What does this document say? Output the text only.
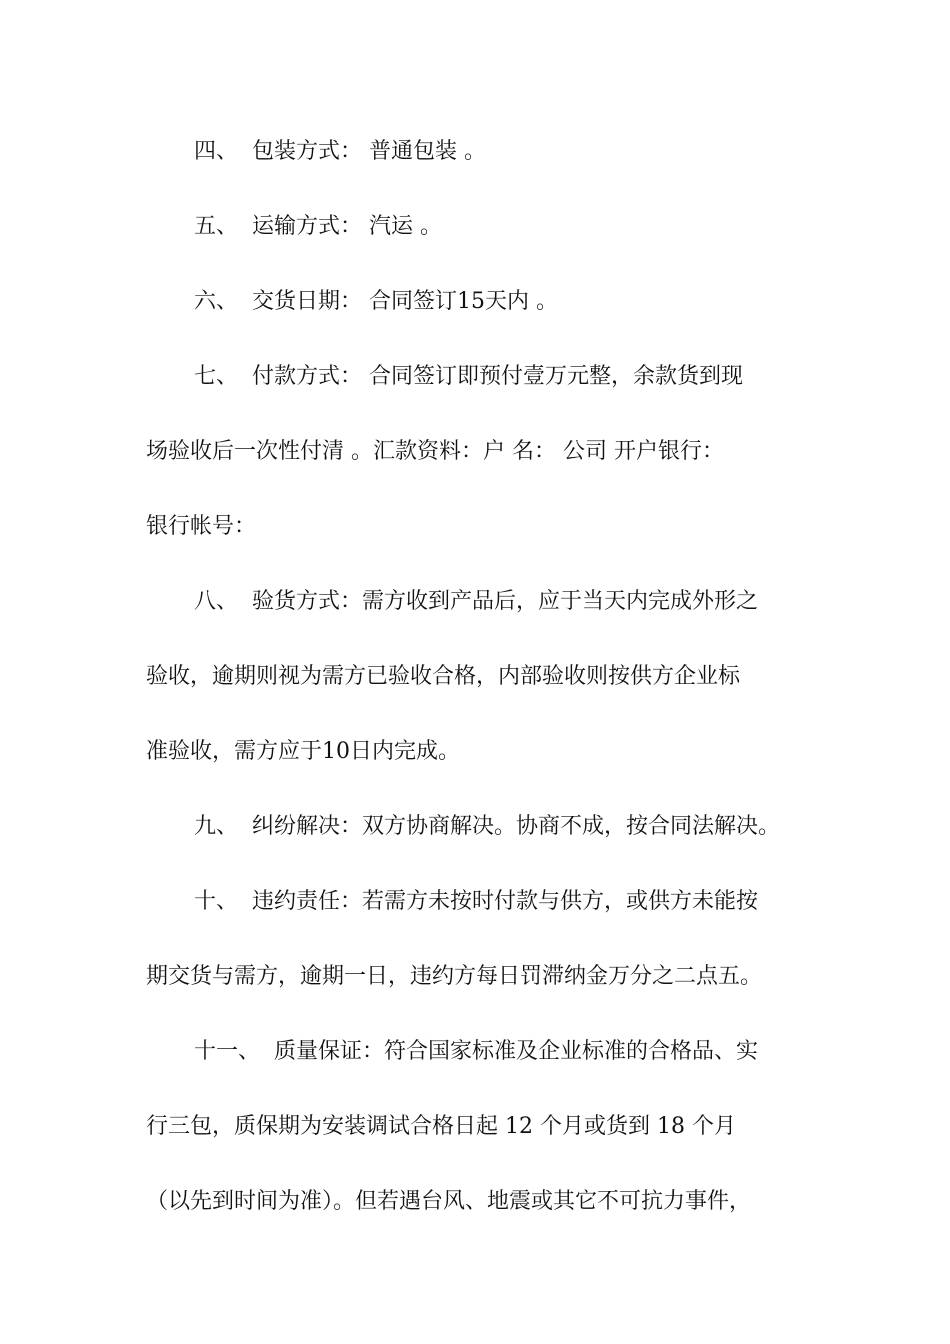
四、  包装方式： 普通包装 。
五、  运输方式： 汽运 。
六、  交货日期： 合同签订15天内 。
七、  付款方式： 合同签订即预付壹万元整，余款货到现
场验收后一次性付清 。汇款资料：户 名： 公司 开户银行：
银行帐号：
八、  验货方式：需方收到产品后，应于当天内完成外形之
验收，逾期则视为需方已验收合格，内部验收则按供方企业标
准验收，需方应于10日内完成。
九、  纠纷解决：双方协商解决。协商不成，按合同法解决。
十、  违约责任：若需方未按时付款与供方，或供方未能按
期交货与需方，逾期一日，违约方每日罚滞纳金万分之二点五。
十一、  质量保证：符合国家标准及企业标准的合格品、实
行三包，质保期为安装调试合格日起 12 个月或货到 18 个月
（以先到时间为准）。但若遇台风、地震或其它不可抗力事件，
